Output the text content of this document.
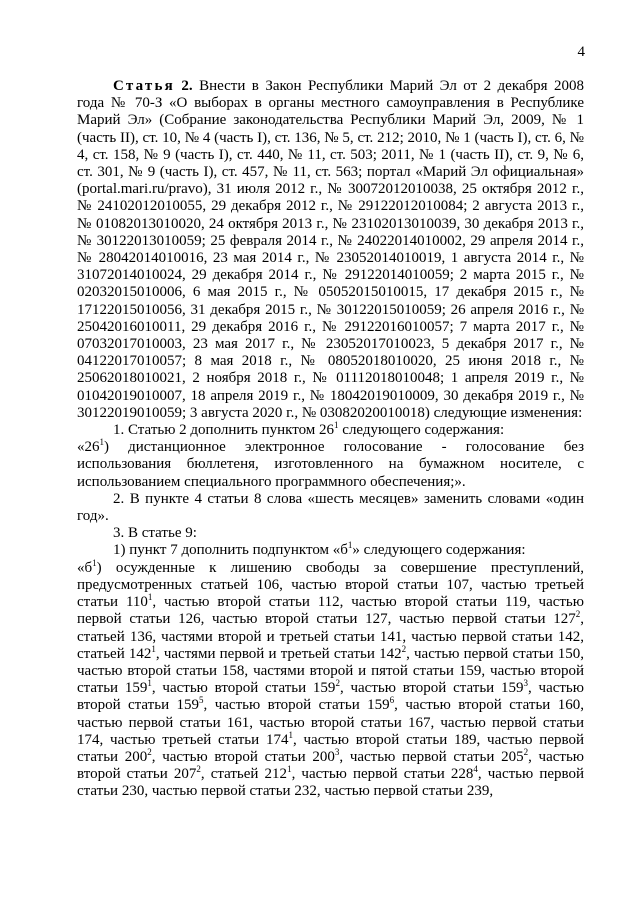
4

Статья 2. Внести в Закон Республики Марий Эл от 2 декабря 2008 года № 70-З «О выборах в органы местного самоуправления в Республике Марий Эл» (Собрание законодательства Республики Марий Эл, 2009, № 1 (часть II), ст. 10, № 4 (часть I), ст. 136, № 5, ст. 212; 2010, № 1 (часть I), ст. 6, № 4, ст. 158, № 9 (часть I), ст. 440, № 11, ст. 503; 2011, № 1 (часть II), ст. 9, № 6, ст. 301, № 9 (часть I), ст. 457, № 11, ст. 563; портал «Марий Эл официальная» (portal.mari.ru/pravo), 31 июля 2012 г., № 30072012010038, 25 октября 2012 г., № 24102012010055, 29 декабря 2012 г., № 29122012010084; 2 августа 2013 г., № 01082013010020, 24 октября 2013 г., № 23102013010039, 30 декабря 2013 г., № 30122013010059; 25 февраля 2014 г., № 24022014010002, 29 апреля 2014 г., № 28042014010016, 23 мая 2014 г., № 23052014010019, 1 августа 2014 г., № 31072014010024, 29 декабря 2014 г., № 29122014010059; 2 марта 2015 г., № 02032015010006, 6 мая 2015 г., № 05052015010015, 17 декабря 2015 г., № 17122015010056, 31 декабря 2015 г., № 30122015010059; 26 апреля 2016 г., № 25042016010011, 29 декабря 2016 г., № 29122016010057; 7 марта 2017 г., № 07032017010003, 23 мая 2017 г., № 23052017010023, 5 декабря 2017 г., № 04122017010057; 8 мая 2018 г., № 08052018010020, 25 июня 2018 г., № 25062018010021, 2 ноября 2018 г., № 01112018010048; 1 апреля 2019 г., № 01042019010007, 18 апреля 2019 г., № 18042019010009, 30 декабря 2019 г., № 30122019010059; 3 августа 2020 г., № 03082020010018) следующие изменения:

1. Статью 2 дополнить пунктом $26^1$ следующего содержания:

«$26^1$) дистанционное электронное голосование - голосование без использования бюллетеня, изготовленного на бумажном носителе, с использованием специального программного обеспечения;».

2. В пункте 4 статьи 8 слова «шесть месяцев» заменить словами «один год».

3. В статье 9:

1) пункт 7 дополнить подпунктом «$б^1$» следующего содержания:

«$б^1$) осужденные к лишению свободы за совершение преступлений, предусмотренных статьей 106, частью второй статьи 107, частью третьей статьи $110^1$, частью второй статьи 112, частью второй статьи 119, частью первой статьи 126, частью второй статьи 127, частью первой статьи $127^2$, статьей 136, частями второй и третьей статьи 141, частью первой статьи 142, статьей $142^1$, частями первой и третьей статьи $142^2$, частью первой статьи 150, частью второй статьи 158, частями второй и пятой статьи 159, частью второй статьи $159^1$, частью второй статьи $159^2$, частью второй статьи $159^3$, частью второй статьи $159^5$, частью второй статьи $159^6$, частью второй статьи 160, частью первой статьи 161, частью второй статьи 167, частью первой статьи 174, частью третьей статьи $174^1$, частью второй статьи 189, частью первой статьи $200^2$, частью второй статьи $200^3$, частью первой статьи $205^2$, частью второй статьи $207^2$, статьей $212^1$, частью первой статьи $228^4$, частью первой статьи 230, частью первой статьи 232, частью первой статьи 239,
